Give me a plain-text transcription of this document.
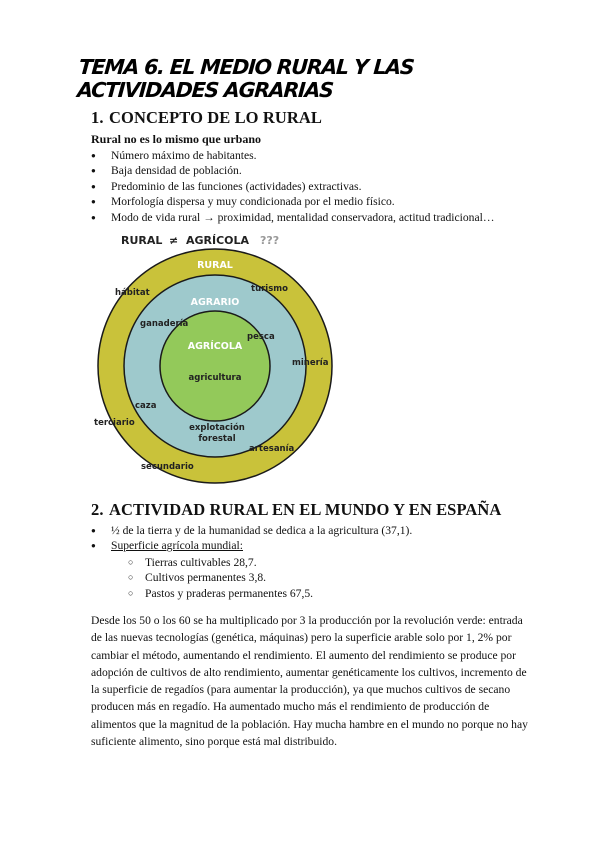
TEMA 6. EL MEDIO RURAL Y LAS
ACTIVIDADES AGRARIAS
1. CONCEPTO DE LO RURAL
Rural no es lo mismo que urbano
● Número máximo de habitantes.
● Baja densidad de población.
● Predominio de las funciones (actividades) extractivas.
● Morfología dispersa y muy condicionada por el medio físico.
● Modo de vida rural → proximidad, mentalidad conservadora, actitud tradicional…
RURAL ≠ AGRÍCOLA ???
RURAL
AGRARIO
AGRÍCOLA
agricultura
hábitat	turismo
minería
terciario
artesanía
secundario
ganadería
pesca
caza
explotación
forestal
2. ACTIVIDAD RURAL EN EL MUNDO Y EN ESPAÑA
● ½ de la tierra y de la humanidad se dedica a la agricultura (37,1).
● Superficie agrícola mundial:
○ Tierras cultivables 28,7.
○ Cultivos permanentes 3,8.
○ Pastos y praderas permanentes 67,5.
Desde los 50 o los 60 se ha multiplicado por 3 la producción por la revolución verde: entrada de las nuevas tecnologías (genética, máquinas) pero la superficie arable solo por 1, 2% por cambiar el método, aumentando el rendimiento. El aumento del rendimiento se produce por adopción de cultivos de alto rendimiento, aumentar genéticamente los cultivos, incremento de la superficie de regadíos (para aumentar la producción), ya que muchos cultivos de secano producen más en regadío. Ha aumentado mucho más el rendimiento de producción de alimentos que la magnitud de la población. Hay mucha hambre en el mundo no porque no hay suficiente alimento, sino porque está mal distribuido.
